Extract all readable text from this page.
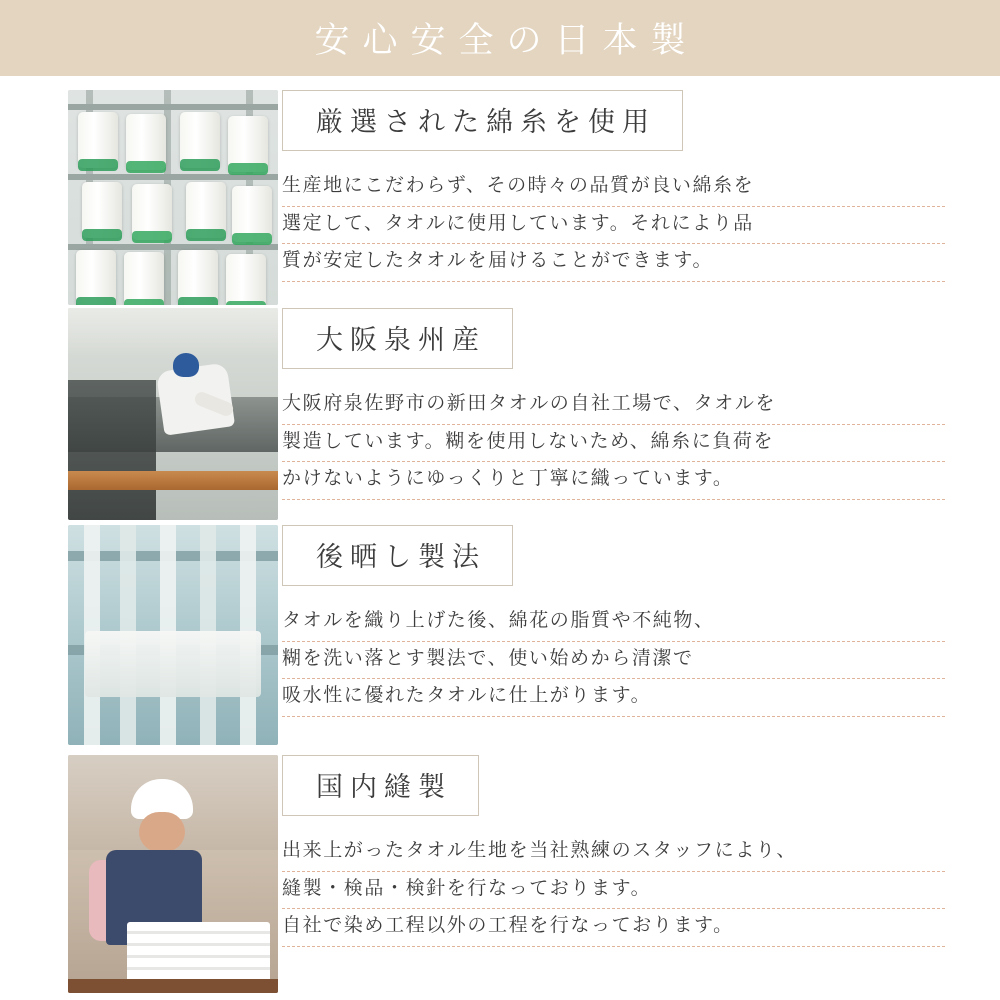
安心安全の日本製
厳選された綿糸を使用
生産地にこだわらず、その時々の品質が良い綿糸を
選定して、タオルに使用しています。それにより品
質が安定したタオルを届けることができます。
大阪泉州産
大阪府泉佐野市の新田タオルの自社工場で、タオルを
製造しています。糊を使用しないため、綿糸に負荷を
かけないようにゆっくりと丁寧に織っています。
後晒し製法
タオルを織り上げた後、綿花の脂質や不純物、
糊を洗い落とす製法で、使い始めから清潔で
吸水性に優れたタオルに仕上がります。
国内縫製
出来上がったタオル生地を当社熟練のスタッフにより、
縫製・検品・検針を行なっております。
自社で染め工程以外の工程を行なっております。
